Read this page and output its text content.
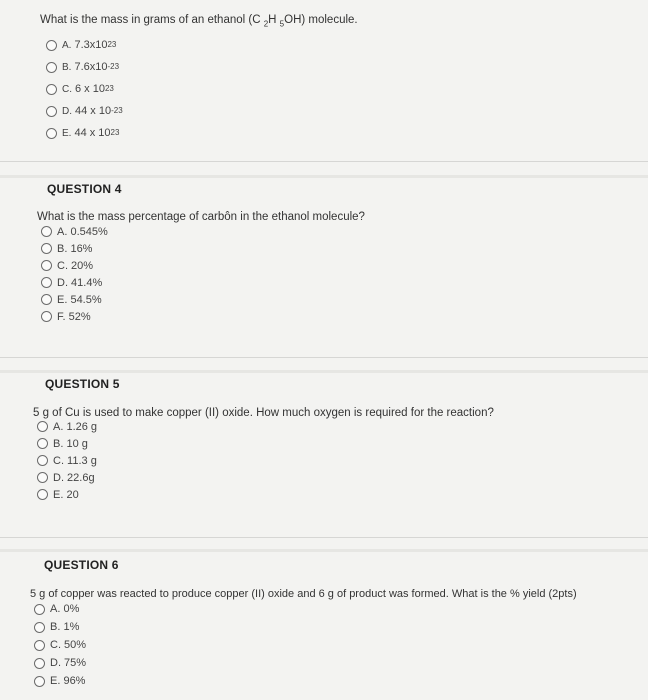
What is the mass in grams of an ethanol (C $_2$H $_5$OH) molecule.
A. 7.3x10 23
B. 7.6x10 -23
C. 6 x 10 23
D. 44 x 10 -23
E. 44 x 10 23
QUESTION 4
What is the mass percentage of carbôn in the ethanol molecule?
A. 0.545%
B. 16%
C. 20%
D. 41.4%
E. 54.5%
F. 52%
QUESTION 5
5 g of Cu is used to make copper (II) oxide. How much oxygen is required for the reaction?
A. 1.26 g
B. 10 g
C. 11.3 g
D. 22.6g
E. 20
QUESTION 6
5 g of copper was reacted to produce copper (II) oxide and 6 g of product was formed. What is the % yield (2pts)
A. 0%
B. 1%
C. 50%
D. 75%
E. 96%
